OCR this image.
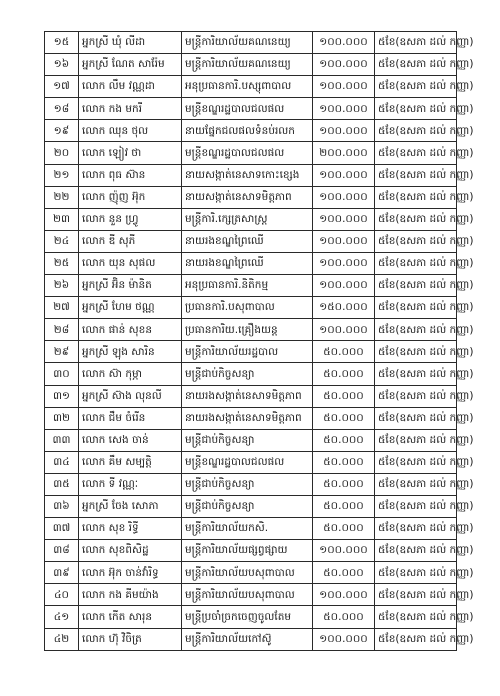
១៥	អ្នកស្រី ឃុំ លីដា	មន្ត្រីការិយាល័យគណនេយ្យ	១០០.០០០	៥ខែ(ឧសភា ដល់ កញ្ញា)
១៦	អ្នកស្រី ណែត សារ៉ែម	មន្ត្រីការិយាល័យគណនេយ្យ	១០០.០០០	៥ខែ(ឧសភា ដល់ កញ្ញា)
១៧	លោក លឹម វណ្ណដា	អនុប្រធានការិ.បស្សុពាបាល	១០០.០០០	៥ខែ(ឧសភា ដល់ កញ្ញា)
១៨	លោក កង មករី	មន្ត្រីខណ្ឌរដ្ឋបាលជលផល	១០០.០០០	៥ខែ(ឧសភា ដល់ កញ្ញា)
១៩	លោក ឈុន ថុល	នាយផ្នែកជលផលទំនប់រលក	១០០.០០០	៥ខែ(ឧសភា ដល់ កញ្ញា)
២០	លោក ឡៀវ ថា	មន្ត្រីខណ្ឌរដ្ឋបាលជលផល	២០០.០០០	៥ខែ(ឧសភា ដល់ កញ្ញា)
២១	លោក ពុធ ស៊ាន	នាយសង្កាត់នេសាទកោះខ្សេង	១០០.០០០	៥ខែ(ឧសភា ដល់ កញ្ញា)
២២	លោក ញ៉ុញ អ៊ុក	នាយសង្កាត់នេសាទមិត្តភាព	១០០.០០០	៥ខែ(ឧសភា ដល់ កញ្ញា)
២៣	លោក នួន ហ្វ្រូ	មន្ត្រីការិ.ក្សេត្រសាស្ត្រ	១០០.០០០	៥ខែ(ឧសភា ដល់ កញ្ញា)
២៤	លោក ឌី សុភី	នាយរងខណ្ឌព្រៃឈើ	១០០.០០០	៥ខែ(ឧសភា ដល់ កញ្ញា)
២៥	លោក យុន សុផល	នាយរងខណ្ឌព្រៃឈើ	១០០.០០០	៥ខែ(ឧសភា ដល់ កញ្ញា)
២៦	អ្នកស្រី អ៊ិន ម៉ានិត	អនុប្រធានការិ.និតិកម្ម	១០០.០០០	៥ខែ(ឧសភា ដល់ កញ្ញា)
២៧	អ្នកស្រី ហែម ថណ្ណ	ប្រធានការិ.បសុពាបាល	១៥០.០០០	៥ខែ(ឧសភា ដល់ កញ្ញា)
២៨	លោក ផាន់ សុខន	ប្រធានការិយ.គ្រឿងយន្ត	១០០.០០០	៥ខែ(ឧសភា ដល់ កញ្ញា)
២៩	អ្នកស្រី ឡុង សារិន	មន្ត្រីការិយាល័យរដ្ឋបាល	៥០.០០០	៥ខែ(ឧសភា ដល់ កញ្ញា)
៣០	លោក ស៊ា កុម្ភា	មន្ត្រីជាប់កិច្ចសន្យា	៥០.០០០	៥ខែ(ឧសភា ដល់ កញ្ញា)
៣១	អ្នកស្រី ស៊ាង លុនលី	នាយរងសង្កាត់នេសាទមិត្តភាព	៥០.០០០	៥ខែ(ឧសភា ដល់ កញ្ញា)
៣២	លោក ជឹម ចំរើន	នាយរងសង្កាត់នេសាទមិត្តភាព	៥០.០០០	៥ខែ(ឧសភា ដល់ កញ្ញា)
៣៣	លោក សេង ចាន់	មន្ត្រីជាប់កិច្ចសន្យា	៥០.០០០	៥ខែ(ឧសភា ដល់ កញ្ញា)
៣៤	លោក គឹម សម្បត្តិ	មន្ត្រីខណ្ឌរដ្ឋបាលជលផល	៥០.០០០	៥ខែ(ឧសភា ដល់ កញ្ញា)
៣៥	លោក ទី វណ្ណៈ	មន្ត្រីជាប់កិច្ចសន្យា	៥០.០០០	៥ខែ(ឧសភា ដល់ កញ្ញា)
៣៦	អ្នកស្រី ចែង សោភា	មន្ត្រីជាប់កិច្ចសន្យា	៥០.០០០	៥ខែ(ឧសភា ដល់ កញ្ញា)
៣៧	លោក សុខ រិទ្ធី	មន្ត្រីការិយាល័យកសិ.	៥០.០០០	៥ខែ(ឧសភា ដល់ កញ្ញា)
៣៨	លោក សុខពិសិដ្ឋ	មន្ត្រីការិយាល័យផ្សព្វផ្សាយ	១០០.០០០	៥ខែ(ឧសភា ដល់ កញ្ញា)
៣៩	លោក អ៊ុក ចាន់វាំរិទ្ធ	មន្ត្រីការិយាល័យបសុពាបាល	៥០.០០០	៥ខែ(ឧសភា ដល់ កញ្ញា)
៤០	លោក កង គីមយ៉ាង	មន្ត្រីការិយាល័យបសុពាបាល	១០០.០០០	៥ខែ(ឧសភា ដល់ កញ្ញា)
៤១	លោក កើត សារុន	មន្ត្រីប្រចាំច្រកចេញចូលតែម	៥០.០០០	៥ខែ(ឧសភា ដល់ កញ្ញា)
៤២	លោក ហ៊ុ វិចិត្រ	មន្ត្រីការិយាល័យកៅស៊ូ	១០០.០០០	៥ខែ(ឧសភា ដល់ កញ្ញា)
